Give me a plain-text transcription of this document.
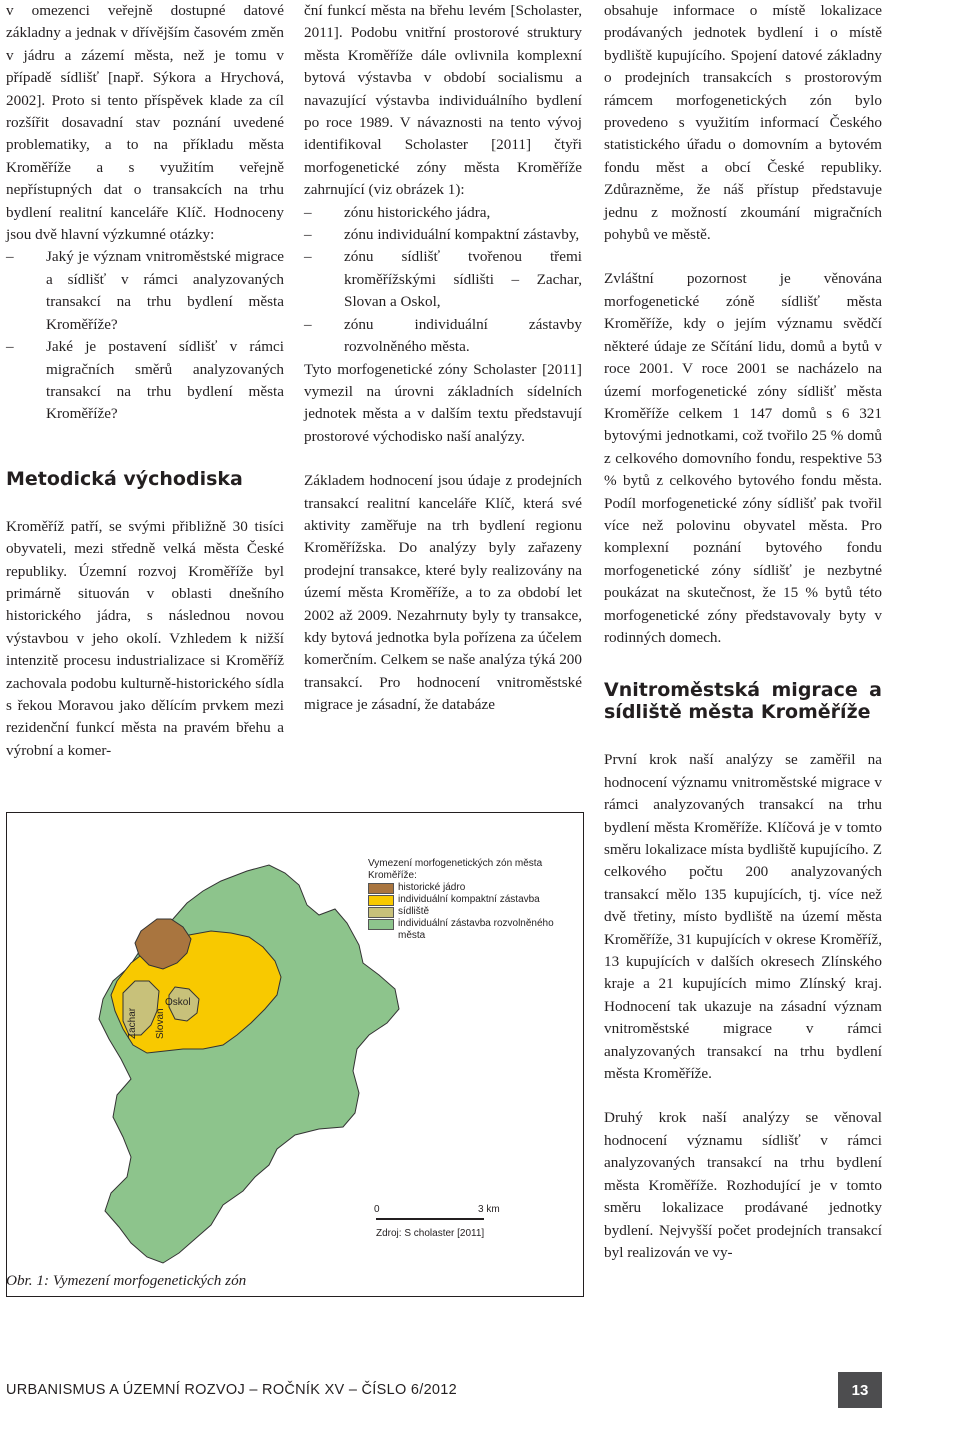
v omezenci veřejně dostupné datové základny a jednak v dřívějším časovém změn v jádru a zázemí města, než je tomu v případě sídlišť [např. Sýkora a Hrychová, 2002]. Proto si tento příspěvek klade za cíl rozšířit dosavadní stav poznání uvedené problematiky, a to na příkladu města Kroměříže a s využitím veřejně nepřístupných dat o transakcích na trhu bydlení realitní kanceláře Klíč. Hodnoceny jsou dvě hlavní výzkumné otázky:

–	Jaký je význam vnitroměstské migrace a sídlišť v rámci analyzovaných transakcí na trhu bydlení města Kroměříže?
–	Jaké je postavení sídlišť v rámci migračních směrů analyzovaných transakcí na trhu bydlení města Kroměříže?
Metodická východiska

Kroměříž patří, se svými přibližně 30 tisíci obyvateli, mezi středně velká města České republiky. Územní rozvoj Kroměříže byl primárně situován v oblasti dnešního historického jádra, s následnou novou výstavbou v jeho okolí. Vzhledem k nižší intenzitě procesu industrializace si Kroměříž zachovala podobu kulturně-historického sídla s řekou Moravou jako dělícím prvkem mezi rezidenční funkcí města na pravém břehu a výrobní a komer-

ční funkcí města na břehu levém [Scholaster, 2011]. Podobu vnitřní prostorové struktury města Kroměříže dále ovlivnila komplexní bytová výstavba v období socialismu a navazující výstavba individuálního bydlení po roce 1989. V návaznosti na tento vývoj identifikoval Scholaster [2011] čtyři morfogenetické zóny města Kroměříže zahrnující (viz obrázek 1):

–	zónu historického jádra,
–	zónu individuální kompaktní zástavby,
–	zónu sídlišť tvořenou třemi kroměřížskými sídlišti – Zachar, Slovan a Oskol,
–	zónu individuální zástavby rozvolněného města.

Tyto morfogenetické zóny Scholaster [2011] vymezil na úrovni základních sídelních jednotek města a v dalším textu představují prostorové východisko naší analýzy.

Základem hodnocení jsou údaje z prodejních transakcí realitní kanceláře Klíč, která své aktivity zaměřuje na trh bydlení regionu Kroměřížska. Do analýzy byly zařazeny prodejní transakce, které byly realizovány na území města Kroměříže, a to za období let 2002 až 2009. Nezahrnuty byly ty transakce, kdy bytová jednotka byla pořízena za účelem komerčním. Celkem se naše analýza týká 200 transakcí. Pro hodnocení vnitroměstské migrace je zásadní, že databáze

obsahuje informace o místě lokalizace prodávaných jednotek bydlení i o místě bydliště kupujícího. Spojení datové základny o prodejních transakcích s prostorovým rámcem morfogenetických zón bylo provedeno s využitím informací Českého statistického úřadu o domovním a bytovém fondu měst a obcí České republiky. Zdůrazněme, že náš přístup představuje jednu z možností zkoumání migračních pohybů ve městě.

Zvláštní pozornost je věnována morfogenetické zóně sídlišť města Kroměříže, kdy o jejím významu svědčí některé údaje ze Sčítání lidu, domů a bytů v roce 2001. V roce 2001 se nacházelo na území morfogenetické zóny sídlišť města Kroměříže celkem 1 147 domů s 6 321 bytovými jednotkami, což tvořilo 25 % domů z celkového domovního fondu, respektive 53 % bytů z celkového bytového fondu města. Podíl morfogenetické zóny sídlišť pak tvořil více než polovinu obyvatel města. Pro komplexní poznání bytového fondu morfogenetické zóny sídlišť je nezbytné poukázat na skutečnost, že 15 % bytů této morfogenetické zóny představovaly byty v rodinných domech.

Vnitroměstská migrace a sídliště města Kroměříže

První krok naší analýzy se zaměřil na hodnocení významu vnitroměstské migrace v rámci analyzovaných transakcí na trhu bydlení města Kroměříže. Klíčová je v tomto směru lokalizace místa bydliště kupujícího. Z celkového počtu 200 analyzovaných transakcí mělo 135 kupujících, tj. více než dvě třetiny, místo bydliště na území města Kroměříže, 31 kupujících v okrese Kroměříž, 13 kupujících v dalších okresech Zlínského kraje a 21 kupujících mimo Zlínský kraj. Hodnocení tak ukazuje na zásadní význam vnitroměstské migrace v rámci analyzovaných transakcí na trhu bydlení města Kroměříže.

Druhý krok naší analýzy se věnoval hodnocení významu sídlišť v rámci analyzovaných transakcí na trhu bydlení města Kroměříže. Rozhodující je v tomto směru lokalizace prodávané jednotky bydlení. Nejvyšší počet prodejních transakcí byl realizován ve vy-

Zachar Slovan
Oskol
Vymezení morfogenetických zón města Kroměříže:
historické jádro
individuální kompaktní zástavba
sídliště
individuální zástavba rozvolněného města
0	3 km
Zdroj: S cholaster [2011]
Obr. 1: Vymezení morfogenetických zón
URBANISMUS A ÚZEMNÍ ROZVOJ – ROČNÍK XV – ČÍSLO 6/2012	13
